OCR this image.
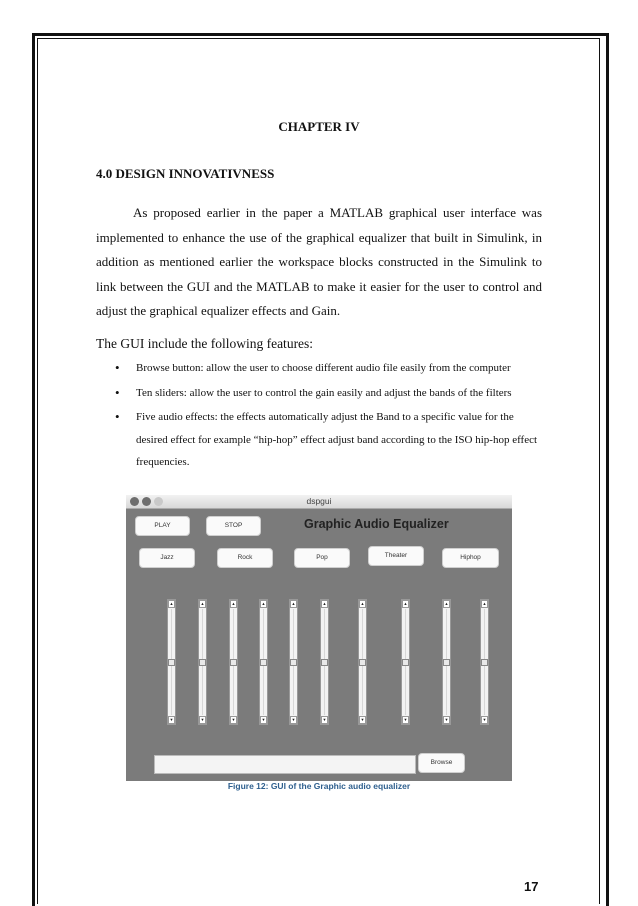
CHAPTER IV
4.0 DESIGN INNOVATIVNESS

As proposed earlier in the paper a MATLAB graphical user interface was implemented to enhance the use of the graphical equalizer that built in Simulink, in addition as mentioned earlier the workspace blocks constructed in the Simulink to link between the GUI and the MATLAB to make it easier for the user to control and adjust the graphical equalizer effects and Gain.

The GUI include the following features:
• Browse button: allow the user to choose different audio file easily from the computer
• Ten sliders: allow the user to control the gain easily and adjust the bands of the filters
• Five audio effects: the effects automatically adjust the Band to a specific value for the desired effect for example “hip-hop” effect adjust band according to the ISO hip-hop effect frequencies.
dspgui
PLAY	STOP	Graphic Audio Equalizer
Jazz	Rock	Pop	Theater	Hiphop
▲
▼
▲
▼
▲
▼
▲
▼
▲
▼
▲
▼
▲
▼
▲
▼
▲
▼
▲
▼
Browse
Figure 12: GUI of the Graphic audio equalizer
17
